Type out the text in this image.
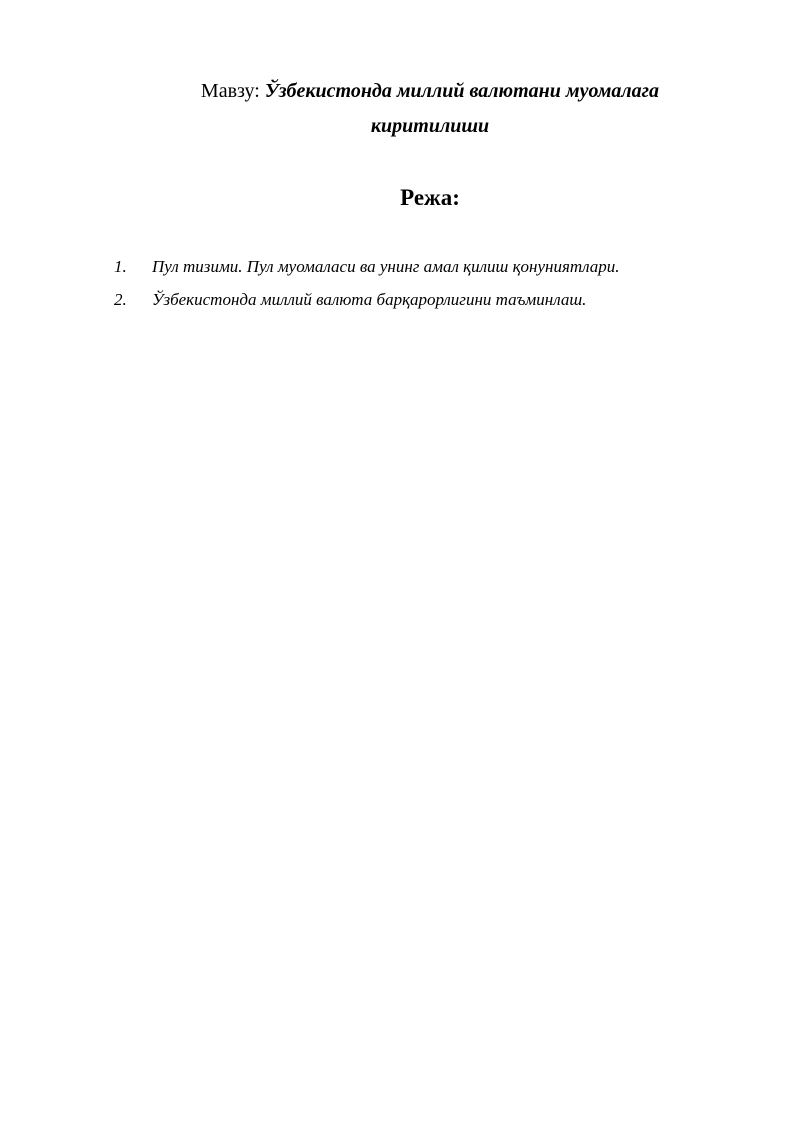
Мавзу: Ўзбекистонда миллий валютани муомалага киритилиши
Режа:
1.	Пул тизими. Пул муомаласи ва унинг амал қилиш қонуниятлари.
2.	Ўзбекистонда миллий валюта барқарорлигини таъминлаш.
